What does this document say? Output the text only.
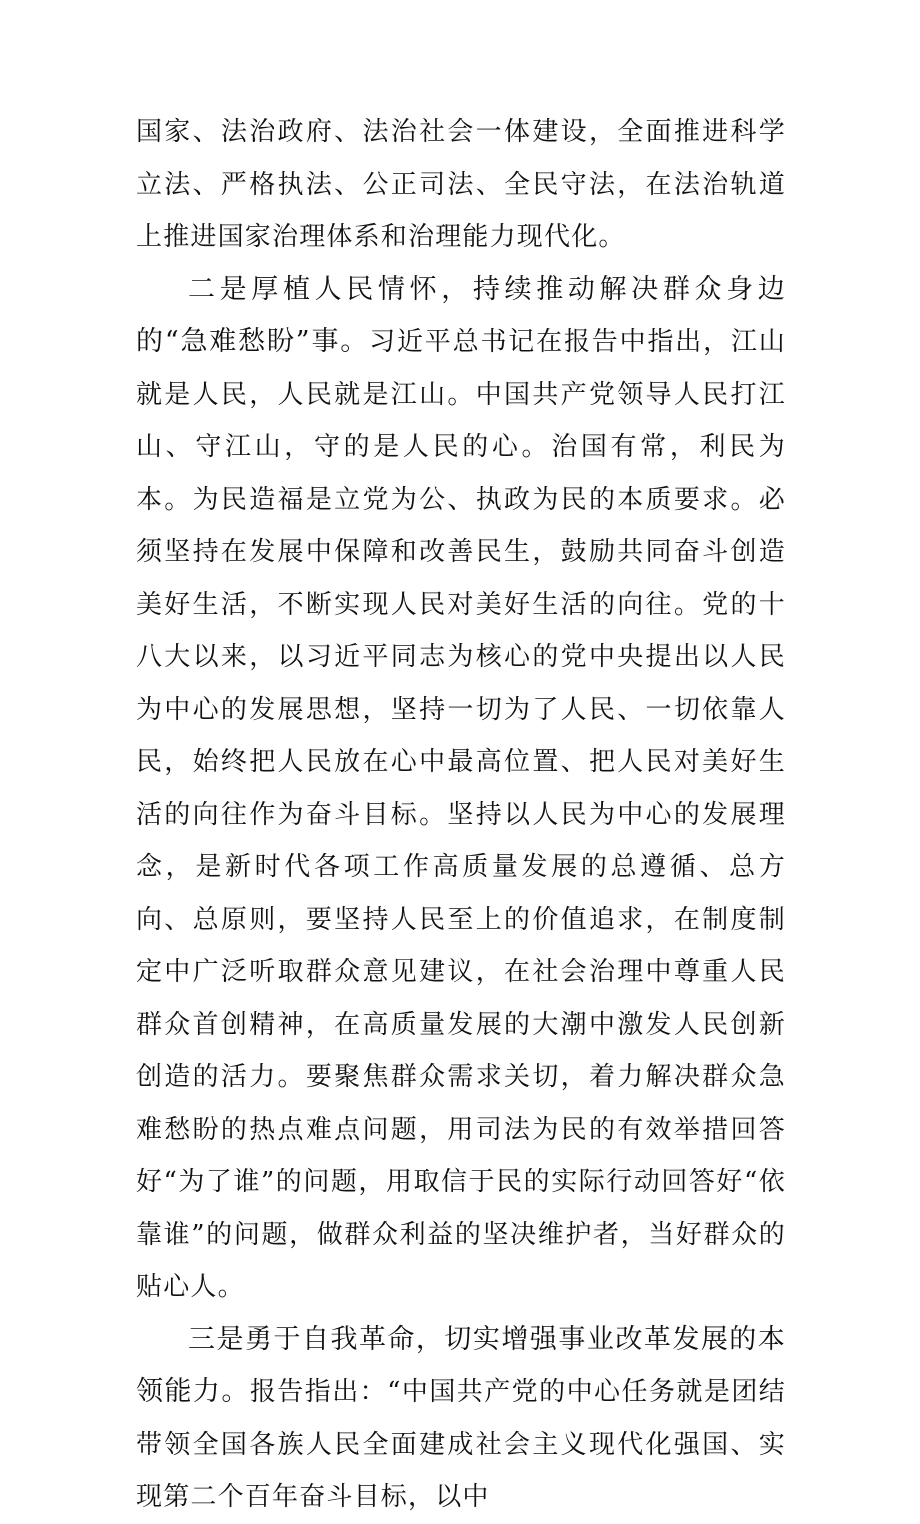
国家、法治政府、法治社会一体建设，全面推进科学立法、严格执法、公正司法、全民守法，在法治轨道上推进国家治理体系和治理能力现代化。

二是厚植人民情怀，持续推动解决群众身边的“急难愁盼”事。习近平总书记在报告中指出，江山就是人民，人民就是江山。中国共产党领导人民打江山、守江山，守的是人民的心。治国有常，利民为本。为民造福是立党为公、执政为民的本质要求。必须坚持在发展中保障和改善民生，鼓励共同奋斗创造美好生活，不断实现人民对美好生活的向往。党的十八大以来，以习近平同志为核心的党中央提出以人民为中心的发展思想，坚持一切为了人民、一切依靠人民，始终把人民放在心中最高位置、把人民对美好生活的向往作为奋斗目标。坚持以人民为中心的发展理念，是新时代各项工作高质量发展的总遵循、总方向、总原则，要坚持人民至上的价值追求，在制度制定中广泛听取群众意见建议，在社会治理中尊重人民群众首创精神，在高质量发展的大潮中激发人民创新创造的活力。要聚焦群众需求关切，着力解决群众急难愁盼的热点难点问题，用司法为民的有效举措回答好“为了谁”的问题，用取信于民的实际行动回答好“依靠谁”的问题，做群众利益的坚决维护者，当好群众的贴心人。

三是勇于自我革命，切实增强事业改革发展的本领能力。报告指出：“中国共产党的中心任务就是团结带领全国各族人民全面建成社会主义现代化强国、实现第二个百年奋斗目标，以中
